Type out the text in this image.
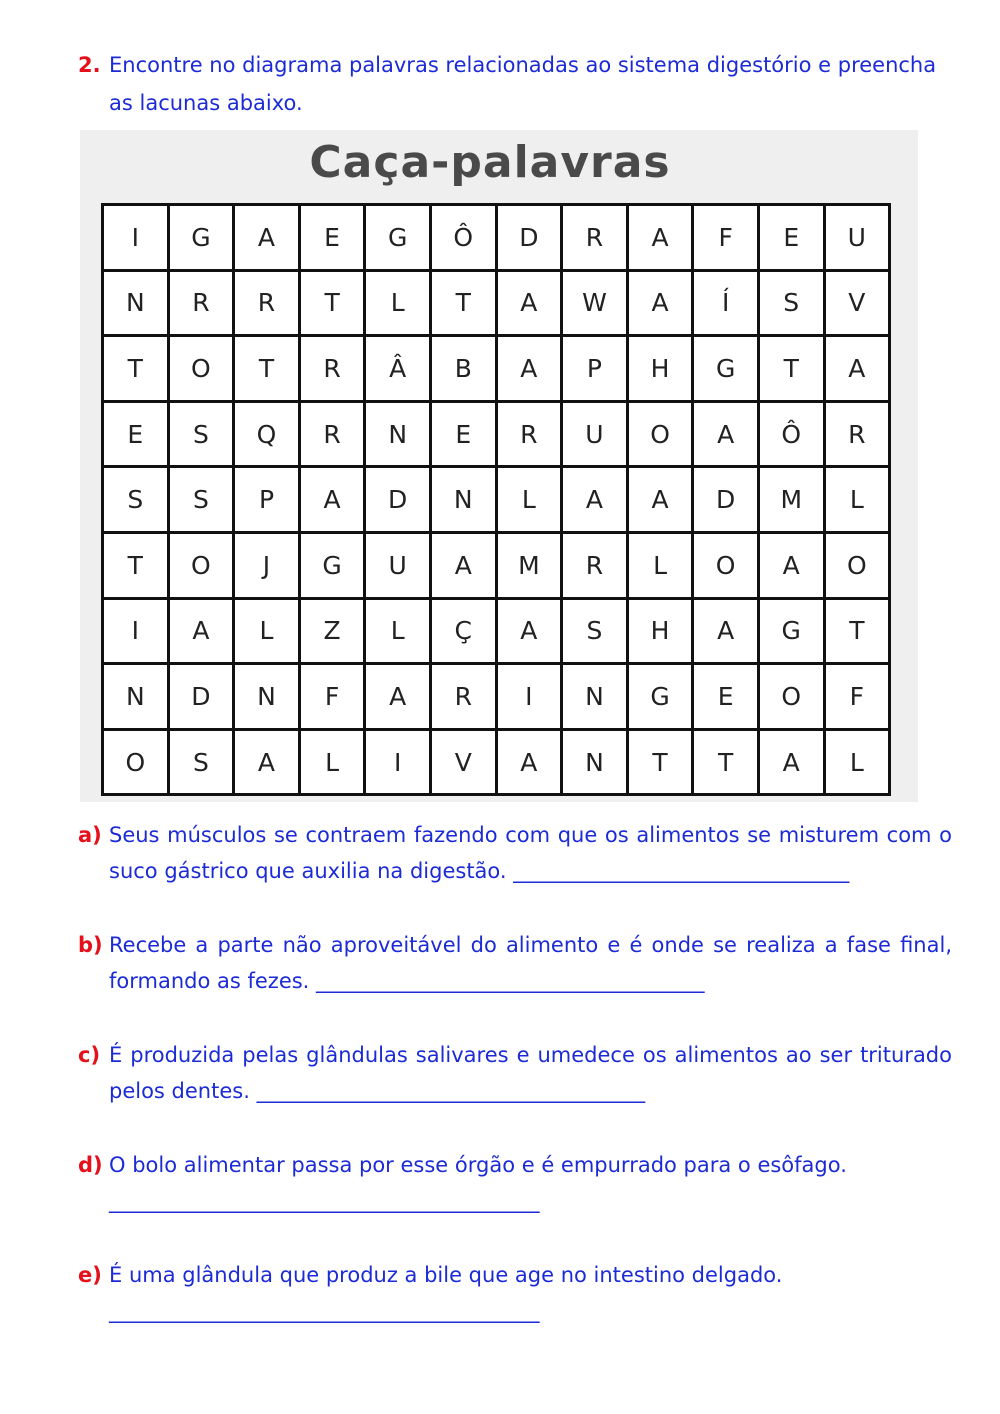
2. Encontre no diagrama palavras relacionadas ao sistema digestório e preencha as lacunas abaixo.
Caça-palavras
I	G	A	E	G	Ô	D	R	A	F	E	U
N	R	R	T	L	T	A	W	A	Í	S	V
T	O	T	R	Â	B	A	P	H	G	T	A
E	S	Q	R	N	E	R	U	O	A	Ô	R
S	S	P	A	D	N	L	A	A	D	M	L
T	O	J	G	U	A	M	R	L	O	A	O
I	A	L	Z	L	Ç	A	S	H	A	G	T
N	D	N	F	A	R	I	N	G	E	O	F
O	S	A	L	I	V	A	N	T	T	A	L
a) Seus músculos se contraem fazendo com que os alimentos se misturem com o suco gástrico que auxilia na digestão. ________________________________
b) Recebe a parte não aproveitável do alimento e é onde se realiza a fase final, formando as fezes. _____________________________________
c) É produzida pelas glândulas salivares e umedece os alimentos ao ser triturado pelos dentes. _____________________________________
d) O bolo alimentar passa por esse órgão e é empurrado para o esôfago.
_________________________________________
e) É uma glândula que produz a bile que age no intestino delgado.
_________________________________________
